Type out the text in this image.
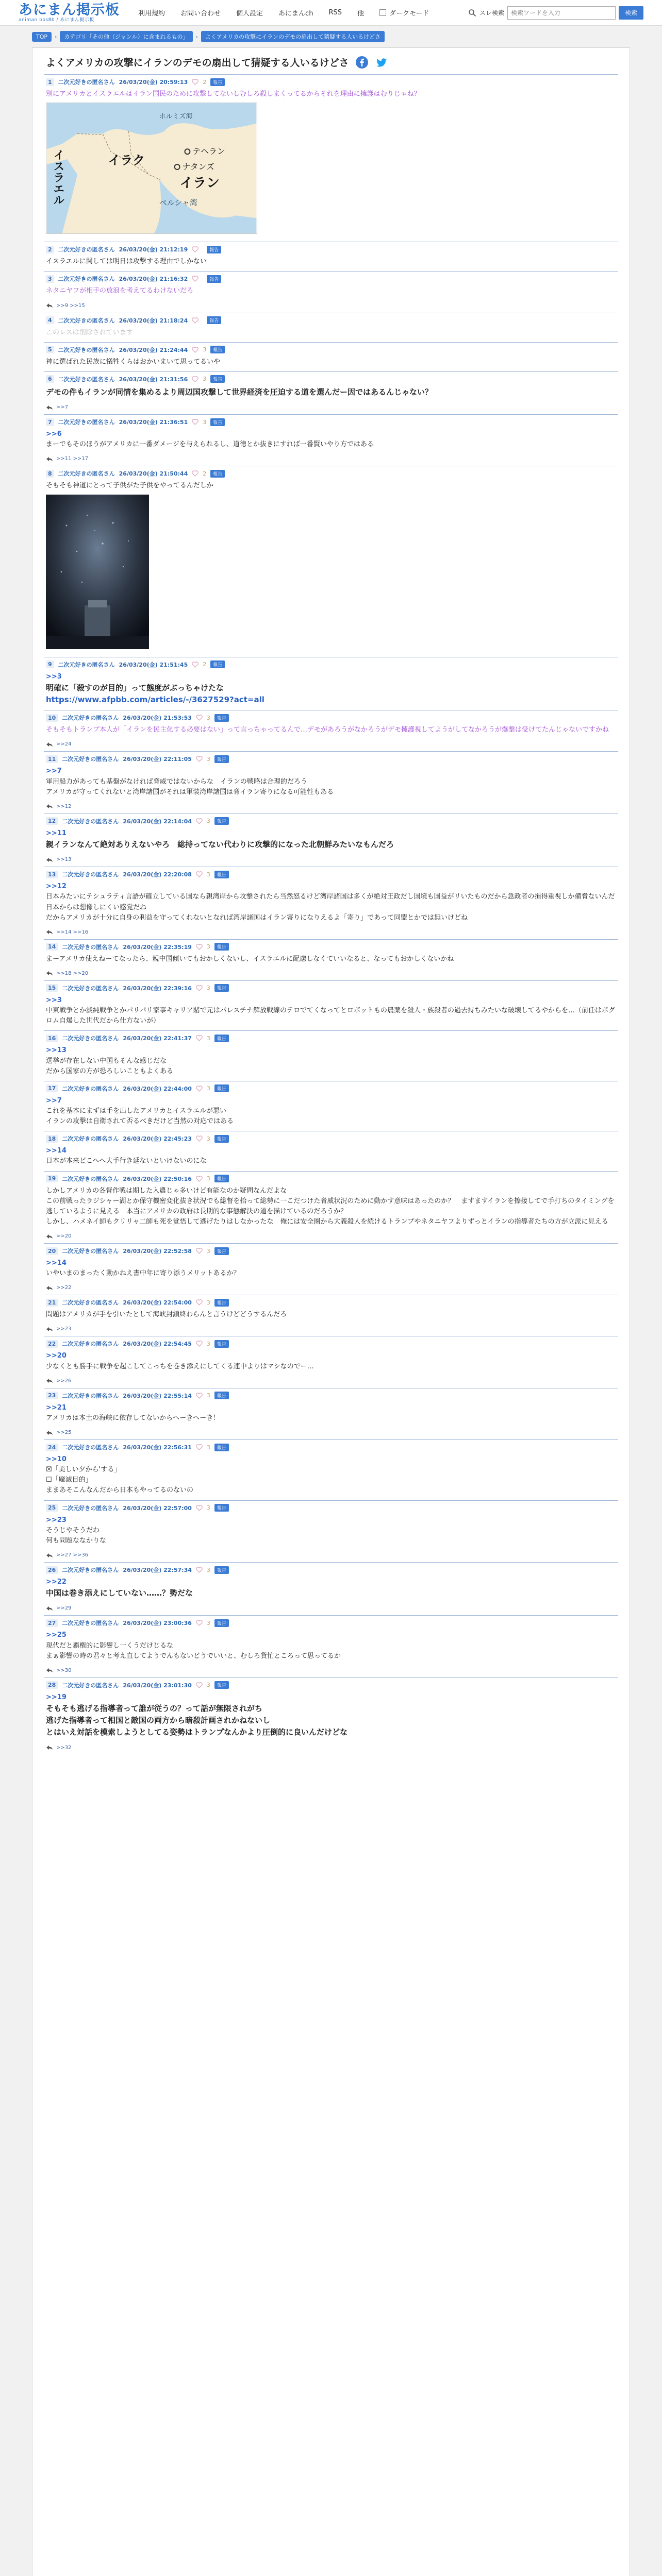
あにまん掲示板
animan bbs8b / あにまん掲示板
利用規約 お問い合わせ 個人設定 あにまんch RSS 他	ダークモード	スレ検索
検索ワードを入力	検索
TOP	›	カテゴリ「その他（ジャンル）に含まれるもの」	›	よくアメリカの攻撃にイランのデモの扇出して猜疑する人いるけどさ
よくアメリカの攻撃にイランのデモの扇出して猜疑する人いるけどさ
1	二次元好きの匿名さん 26/03/20(金) 20:59:13	2	報告
別にアメリカとイスラエルはイラン国民のために攻撃してないしむしろ殺しまくってるからそれを理由に擁護はむりじゃね？
ホルミズ海
テヘラン
ナタンズ
イラン
イラク
イスラエル	ペルシャ湾
2	二次元好きの匿名さん 26/03/20(金) 21:12:19	報告
イスラエルに関しては明日は攻撃する理由でしかない
3	二次元好きの匿名さん 26/03/20(金) 21:16:32	報告
ネタニヤフが相手の放浪を考えてるわけないだろ
>>9 >>15
4	二次元好きの匿名さん 26/03/20(金) 21:18:24	報告
このレスは削除されています
5	二次元好きの匿名さん 26/03/20(金) 21:24:44	3	報告
神に選ばれた民族に犠牲くらはおかいまいて思ってるいや
6	二次元好きの匿名さん 26/03/20(金) 21:31:56	3	報告
デモの件もイランが同情を集めるより周辺国攻撃して世界経済を圧迫する道を選んだー因ではあるんじゃない？
>>7
7	二次元好きの匿名さん 26/03/20(金) 21:36:51	3	報告
>>6
まーでもそのほうがアメリカに一番ダメージを与えられるし、道徳とか抜きにすれば一番賢いやり方ではある
>>11 >>17
8	二次元好きの匿名さん 26/03/20(金) 21:50:44	2	報告
そもそも神道にとって子供がた子供をやってるんだしか
9	二次元好きの匿名さん 26/03/20(金) 21:51:45	2	報告
>>3
明確に「殺すのが目的」って態度がぶっちゃけたな
https://www.afpbb.com/articles/-/3627529?act=all
10	二次元好きの匿名さん 26/03/20(金) 21:53:53	3	報告
そもそもトランプ本人が「イランを民主化する必要はない」って言っちゃってるんで…デモがあろうがなかろうがデモ擁護視してようがしてなかろうが爆撃は受けてたんじゃないですかね
>>24
11	二次元好きの匿名さん 26/03/20(金) 22:11:05	3	報告
>>7
軍用船力があっても基盤がなければ脅威ではないからな　イランの戦略は合理的だろう
アメリカが守ってくれないと湾岸諸国がそれは軍装湾岸諸国は脅イラン寄りになる可能性もある
>>12
12	二次元好きの匿名さん 26/03/20(金) 22:14:04	3	報告
>>11
親イランなんて絶対ありえないやろ　総持ってない代わりに攻撃的になった北朝鮮みたいなもんだろ
>>13
13	二次元好きの匿名さん 26/03/20(金) 22:20:08	3	報告
>>12
日本みたいにテシュラティ言語が確立している国なら親湾岸から攻撃されたら当然怒るけど湾岸諸国は多くが絶対王政だし国境も国益がリいたものだから急政者の損得重視しか備脅ないんだ　日本からは想像しにくい感覚だね
だからアメリカが十分に自身の利益を守ってくれないとなれば湾岸諸国はイラン寄りになりえるよ「寄り」であって同盟とかでは無いけどね
>>14 >>16
14	二次元好きの匿名さん 26/03/20(金) 22:35:19	3	報告
まーアメリカ使えねーてなったら、親中国傾いてもおかしくないし、イスラエルに配慮しなくていいなると、なってもおかしくないかね
>>18 >>20
15	二次元好きの匿名さん 26/03/20(金) 22:39:16	3	報告
>>3
中東戦争とか淡純戦争とかパリパリ家事キャリア賭で元はパレスチナ解放戦線のテロでてくなってとロボットもの農薬を殺人・族殺者の過去持ちみたいな破壊してるやからを…（前任はポグロム自爆した世代だから仕方ないが）
16	二次元好きの匿名さん 26/03/20(金) 22:41:37	3	報告
>>13
選挙が存在しない中国もそんな感じだな
だから国家の方が恐ろしいこともよくある
17	二次元好きの匿名さん 26/03/20(金) 22:44:00	3	報告
>>7
これを基本にまずは手を出したアメリカとイスラエルが悪い
イランの攻撃は自衛されて否るべきだけど当然の対応ではある
18	二次元好きの匿名さん 26/03/20(金) 22:45:23	3	報告
>>14
日本が本来どこへへ大手行き延ないといけないのにな
19	二次元好きの匿名さん 26/03/20(金) 22:50:16	3	報告
しかしアメリカの各督作戦は期した入農じゃ多いけど有能なのか疑問なんだよな
この前戦ったラジシャー湖とか保守機密変化抜き状況でも総督を拾って総勢に一こだつけた脅威状況のために動かす意味はあったのか？　ますますイランを擦接してで手打ちのタイミングを逃しているように見える　本当にアメリカの政府は長期的な事態解決の道を描けているのだろうか？
しかし、ハメネイ師もクリリャ二師も死を覚悟して逃げたりはしなかったな　俺には安全圏から大義殺人を続けるトランプやネタニヤフよりずっとイランの指導者たちの方が立派に見える
>>20
20	二次元好きの匿名さん 26/03/20(金) 22:52:58	3	報告
>>14
いやいまのまったく動かねえ書中年に寄り添うメリットあるか？
>>22
21	二次元好きの匿名さん 26/03/20(金) 22:54:00	3	報告
問題はアメリカが手を引いたとして海峡封鎖終わらんと言うけどどうするんだろ
>>23
22	二次元好きの匿名さん 26/03/20(金) 22:54:45	3	報告
>>20
少なくとも勝手に戦争を起こしてこっちを巻き添えにしてくる連中よりはマシなのでー…
>>26
23	二次元好きの匿名さん 26/03/20(金) 22:55:14	3	報告
>>21
アメリカは本土の海峡に依存してないからヘーきヘーき！
>>25
24	二次元好きの匿名さん 26/03/20(金) 22:56:31	3	報告
>>10
☒「美しい夕から'する」
☐「魔滅目的」
ままあそこんなんだから日本もやってるのないの
25	二次元好きの匿名さん 26/03/20(金) 22:57:00	3	報告
>>23
そうじやそうだわ
何も問題ななかりな
>>27 >>36
26	二次元好きの匿名さん 26/03/20(金) 22:57:34	3	報告
>>22
中国は巻き添えにしていない……？勢だな
>>29
27	二次元好きの匿名さん 26/03/20(金) 23:00:36	3	報告
>>25
現代だと覇権的に影響し一くうだけじるな
まぁ影響の時の君々と考え直してようでんもないどうでいいと、むしろ貸忙ところって思ってるか
>>30
28	二次元好きの匿名さん 26/03/20(金) 23:01:30	3	報告
>>19
そもそも逃げる指導者って誰が従うの？って話が無限されがち
逃げた指導者って相国と敵国の両方から暗殺計画されかねないし
とはいえ対話を模索しようとしてる姿勢はトランプなんかより圧倒的に良いんだけどな
>>32
